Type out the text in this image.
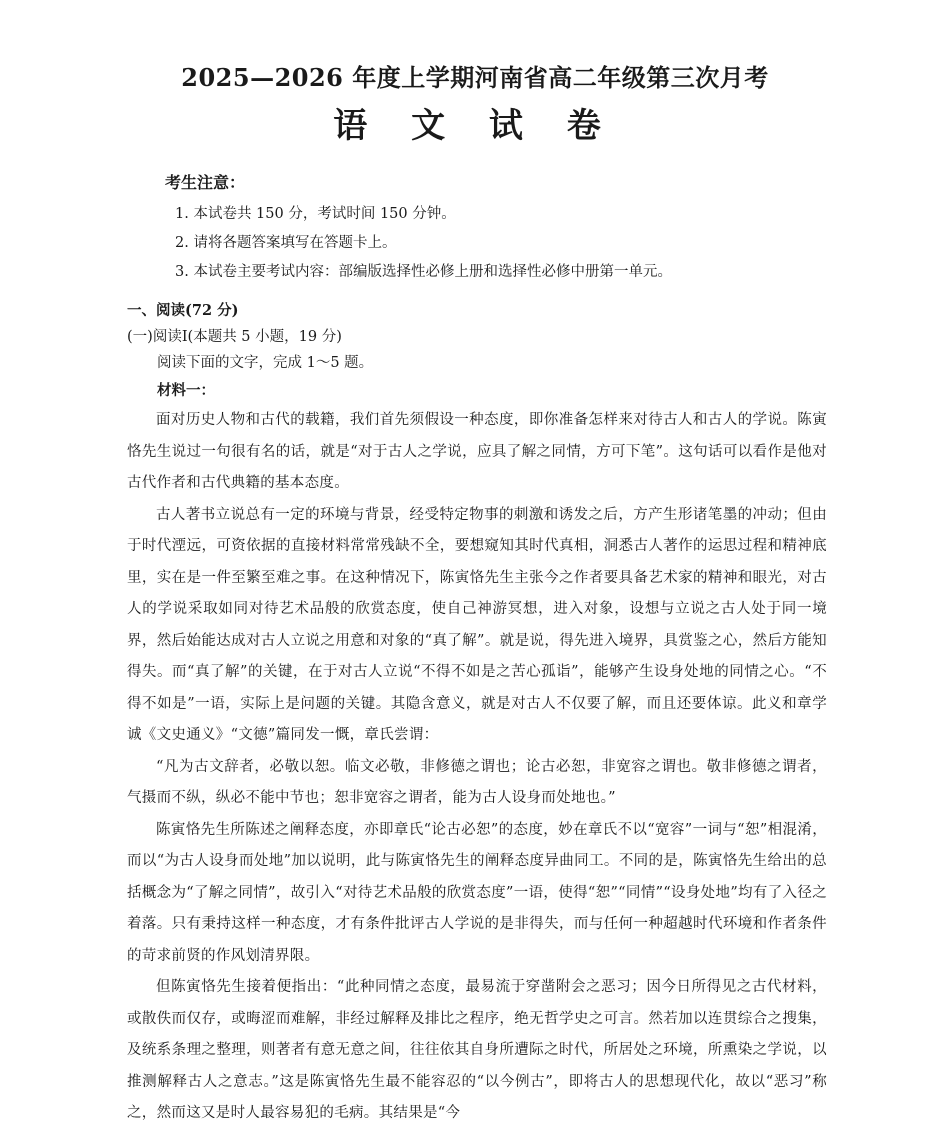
2025—2026 年度上学期河南省高二年级第三次月考
语 文 试 卷

考生注意：

1. 本试卷共 150 分，考试时间 150 分钟。

2. 请将各题答案填写在答题卡上。

3. 本试卷主要考试内容：部编版选择性必修上册和选择性必修中册第一单元。

一、阅读(72 分)

(一)阅读Ⅰ(本题共 5 小题，19 分)

阅读下面的文字，完成 1～5 题。

材料一：

面对历史人物和古代的载籍，我们首先须假设一种态度，即你准备怎样来对待古人和古人的学说。陈寅恪先生说过一句很有名的话，就是“对于古人之学说，应具了解之同情，方可下笔”。这句话可以看作是他对古代作者和古代典籍的基本态度。

古人著书立说总有一定的环境与背景，经受特定物事的刺激和诱发之后，方产生形诸笔墨的冲动；但由于时代湮远，可资依据的直接材料常常残缺不全，要想窥知其时代真相，洞悉古人著作的运思过程和精神底里，实在是一件至繁至难之事。在这种情况下，陈寅恪先生主张今之作者要具备艺术家的精神和眼光，对古人的学说采取如同对待艺术品般的欣赏态度，使自己神游冥想，进入对象，设想与立说之古人处于同一境界，然后始能达成对古人立说之用意和对象的“真了解”。就是说，得先进入境界，具赏鉴之心，然后方能知得失。而“真了解”的关键，在于对古人立说“不得不如是之苦心孤诣”，能够产生设身处地的同情之心。“不得不如是”一语，实际上是问题的关键。其隐含意义，就是对古人不仅要了解，而且还要体谅。此义和章学诚《文史通义》“文德”篇同发一慨，章氏尝谓：

“凡为古文辞者，必敬以恕。临文必敬，非修德之谓也；论古必恕，非宽容之谓也。敬非修德之谓者，气摄而不纵，纵必不能中节也；恕非宽容之谓者，能为古人设身而处地也。”

陈寅恪先生所陈述之阐释态度，亦即章氏“论古必恕”的态度，妙在章氏不以“宽容”一词与“恕”相混淆，而以“为古人设身而处地”加以说明，此与陈寅恪先生的阐释态度异曲同工。不同的是，陈寅恪先生给出的总括概念为“了解之同情”，故引入“对待艺术品般的欣赏态度”一语，使得“恕”“同情”“设身处地”均有了入径之着落。只有秉持这样一种态度，才有条件批评古人学说的是非得失，而与任何一种超越时代环境和作者条件的苛求前贤的作风划清界限。

但陈寅恪先生接着便指出：“此种同情之态度，最易流于穿凿附会之恶习；因今日所得见之古代材料，或散佚而仅存，或晦涩而难解，非经过解释及排比之程序，绝无哲学史之可言。然若加以连贯综合之搜集，及统系条理之整理，则著者有意无意之间，往往依其自身所遭际之时代，所居处之环境，所熏染之学说，以推测解释古人之意志。”这是陈寅恪先生最不能容忍的“以今例古”，即将古人的思想现代化，故以“恶习”称之，然而这又是时人最容易犯的毛病。其结果是“今
